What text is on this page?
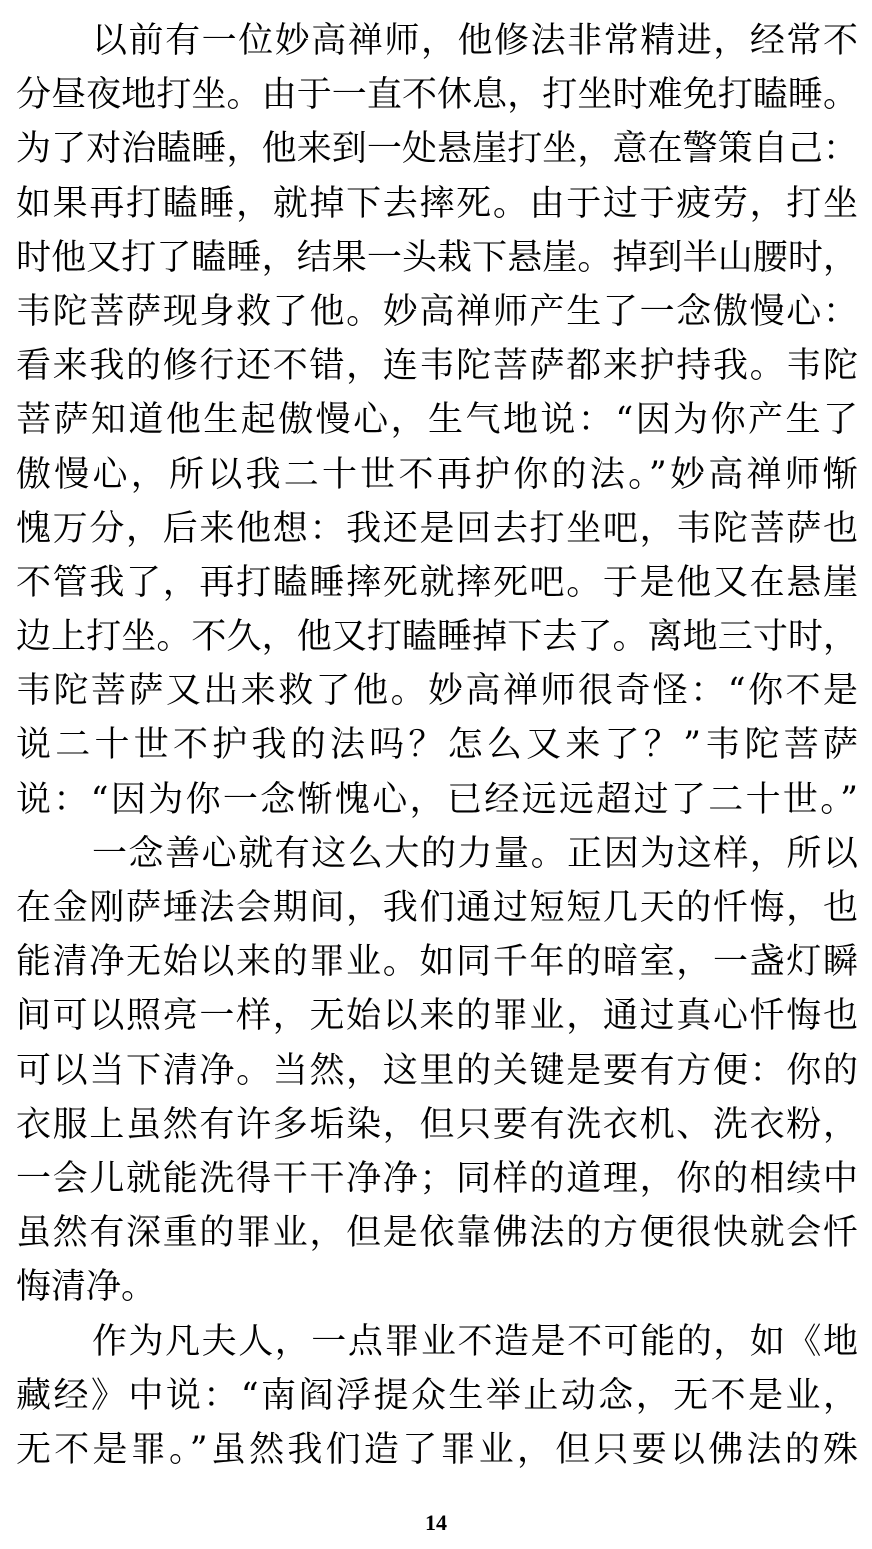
以前有一位妙高禅师，他修法非常精进，经常不
分昼夜地打坐。由于一直不休息，打坐时难免打瞌睡。
为了对治瞌睡，他来到一处悬崖打坐，意在警策自己：
如果再打瞌睡，就掉下去摔死。由于过于疲劳，打坐
时他又打了瞌睡，结果一头栽下悬崖。掉到半山腰时，
韦陀菩萨现身救了他。妙高禅师产生了一念傲慢心：
看来我的修行还不错，连韦陀菩萨都来护持我。韦陀
菩萨知道他生起傲慢心，生气地说：“因为你产生了
傲慢心，所以我二十世不再护你的法。”妙高禅师惭
愧万分，后来他想：我还是回去打坐吧，韦陀菩萨也
不管我了，再打瞌睡摔死就摔死吧。于是他又在悬崖
边上打坐。不久，他又打瞌睡掉下去了。离地三寸时，
韦陀菩萨又出来救了他。妙高禅师很奇怪：“你不是
说二十世不护我的法吗？怎么又来了？”韦陀菩萨
说：“因为你一念惭愧心，已经远远超过了二十世。”
一念善心就有这么大的力量。正因为这样，所以
在金刚萨埵法会期间，我们通过短短几天的忏悔，也
能清净无始以来的罪业。如同千年的暗室，一盏灯瞬
间可以照亮一样，无始以来的罪业，通过真心忏悔也
可以当下清净。当然，这里的关键是要有方便：你的
衣服上虽然有许多垢染，但只要有洗衣机、洗衣粉，
一会儿就能洗得干干净净；同样的道理，你的相续中
虽然有深重的罪业，但是依靠佛法的方便很快就会忏
悔清净。
作为凡夫人，一点罪业不造是不可能的，如《地
藏经》中说：“南阎浮提众生举止动念，无不是业，
无不是罪。”虽然我们造了罪业，但只要以佛法的殊
14
